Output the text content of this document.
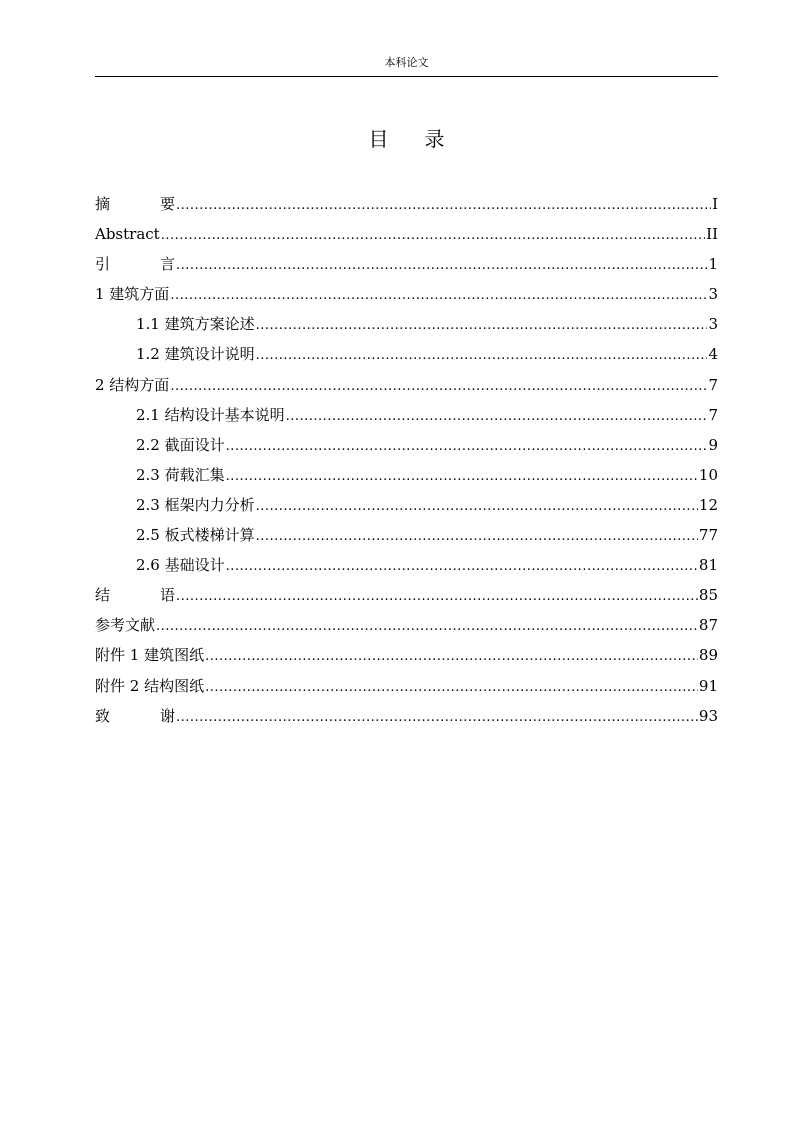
本科论文
目 录
摘	要 .....	I
Abstract .....	II
引	言 .....	1
1 建筑方面 .....	3
1.1 建筑方案论述 .....	3
1.2 建筑设计说明 .....	4
2 结构方面 .....	7
2.1 结构设计基本说明 .....	7
2.2 截面设计 .....	9
2.3 荷载汇集 .....	10
2.3 框架内力分析 .....	12
2.5 板式楼梯计算 .....	77
2.6 基础设计 .....	81
结	语 .....	85
参考文献 .....	87
附件 1 建筑图纸 .....	89
附件 2 结构图纸 .....	91
致	谢 .....	93
